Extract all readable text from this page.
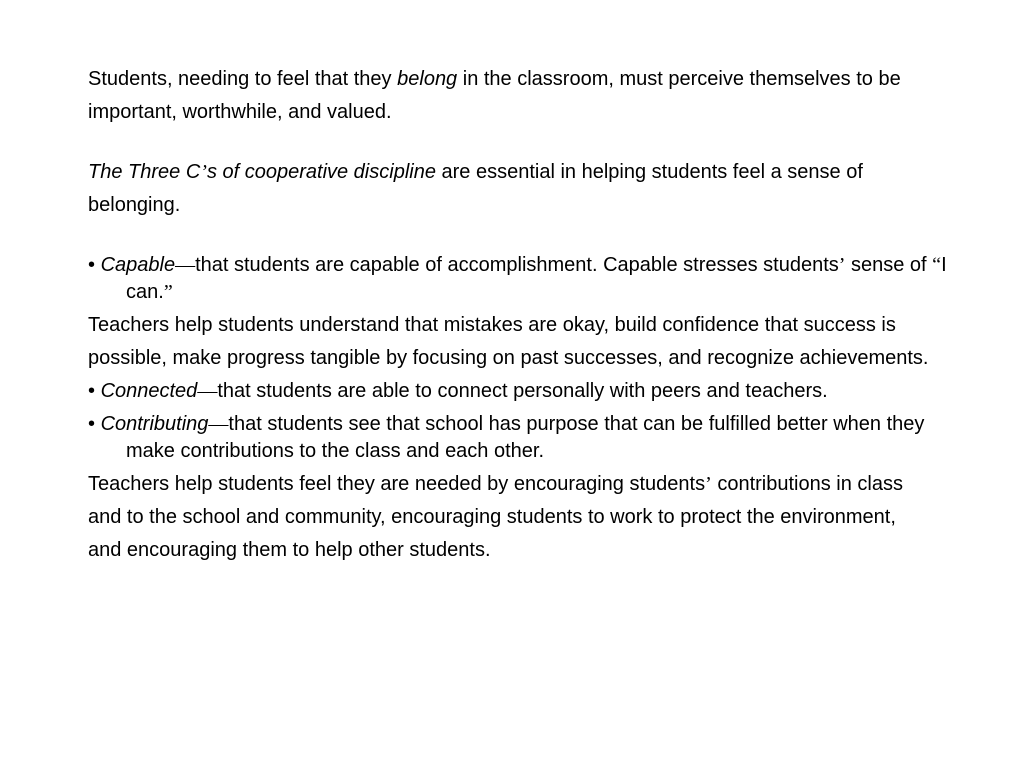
Students, needing to feel that they belong in the classroom, must perceive themselves to be

important, worthwhile, and valued.

The Three C’s of cooperative discipline are essential in helping students feel a sense of

belonging.

• Capable—that students are capable of accomplishment. Capable stresses students’ sense of “I can.”

Teachers help students understand that mistakes are okay, build confidence that success is

possible, make progress tangible by focusing on past successes, and recognize achievements.

• Connected—that students are able to connect personally with peers and teachers.

• Contributing—that students see that school has purpose that can be fulfilled better when they make contributions to the class and each other.

Teachers help students feel they are needed by encouraging students’ contributions in class

and to the school and community, encouraging students to work to protect the environment,

and encouraging them to help other students.
